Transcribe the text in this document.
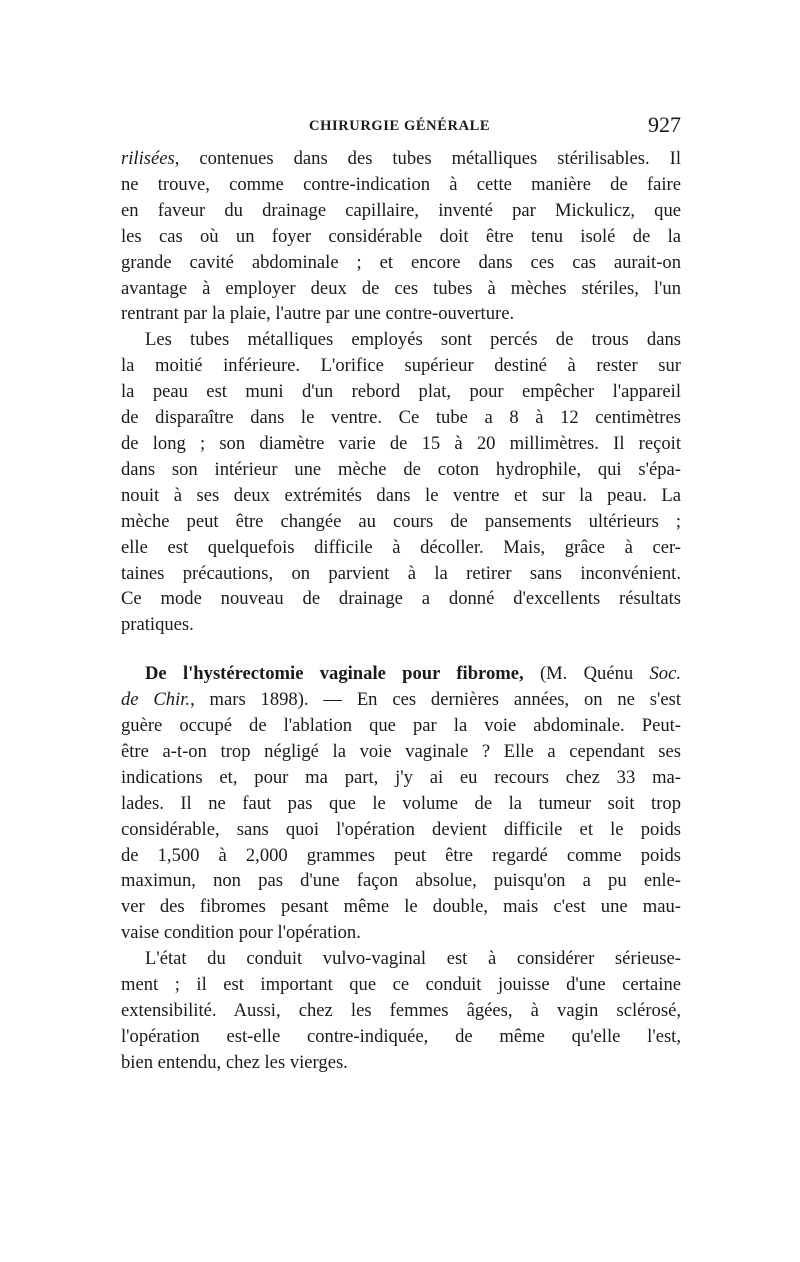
CHIRURGIE GÉNÉRALE	927

rilisées, contenues dans des tubes métalliques stérilisables. Il
ne trouve, comme contre-indication à cette manière de faire
en faveur du drainage capillaire, inventé par Mickulicz, que
les cas où un foyer considérable doit être tenu isolé de la
grande cavité abdominale ; et encore dans ces cas aurait-on
avantage à employer deux de ces tubes à mèches stériles, l'un
rentrant par la plaie, l'autre par une contre-ouverture.

Les tubes métalliques employés sont percés de trous dans
la moitié inférieure. L'orifice supérieur destiné à rester sur
la peau est muni d'un rebord plat, pour empêcher l'appareil
de disparaître dans le ventre. Ce tube a 8 à 12 centimètres
de long ; son diamètre varie de 15 à 20 millimètres. Il reçoit
dans son intérieur une mèche de coton hydrophile, qui s'épa-
nouit à ses deux extrémités dans le ventre et sur la peau. La
mèche peut être changée au cours de pansements ultérieurs ;
elle est quelquefois difficile à décoller. Mais, grâce à cer-
taines précautions, on parvient à la retirer sans inconvénient.
Ce mode nouveau de drainage a donné d'excellents résultats
pratiques.

De l'hystérectomie vaginale pour fibrome, (M. Quénu Soc.
de Chir., mars 1898). — En ces dernières années, on ne s'est
guère occupé de l'ablation que par la voie abdominale. Peut-
être a-t-on trop négligé la voie vaginale ? Elle a cependant ses
indications et, pour ma part, j'y ai eu recours chez 33 ma-
lades. Il ne faut pas que le volume de la tumeur soit trop
considérable, sans quoi l'opération devient difficile et le poids
de 1,500 à 2,000 grammes peut être regardé comme poids
maximun, non pas d'une façon absolue, puisqu'on a pu enle-
ver des fibromes pesant même le double, mais c'est une mau-
vaise condition pour l'opération.

L'état du conduit vulvo-vaginal est à considérer sérieuse-
ment ; il est important que ce conduit jouisse d'une certaine
extensibilité. Aussi, chez les femmes âgées, à vagin sclérosé,
l'opération est-elle contre-indiquée, de même qu'elle l'est,
bien entendu, chez les vierges.
